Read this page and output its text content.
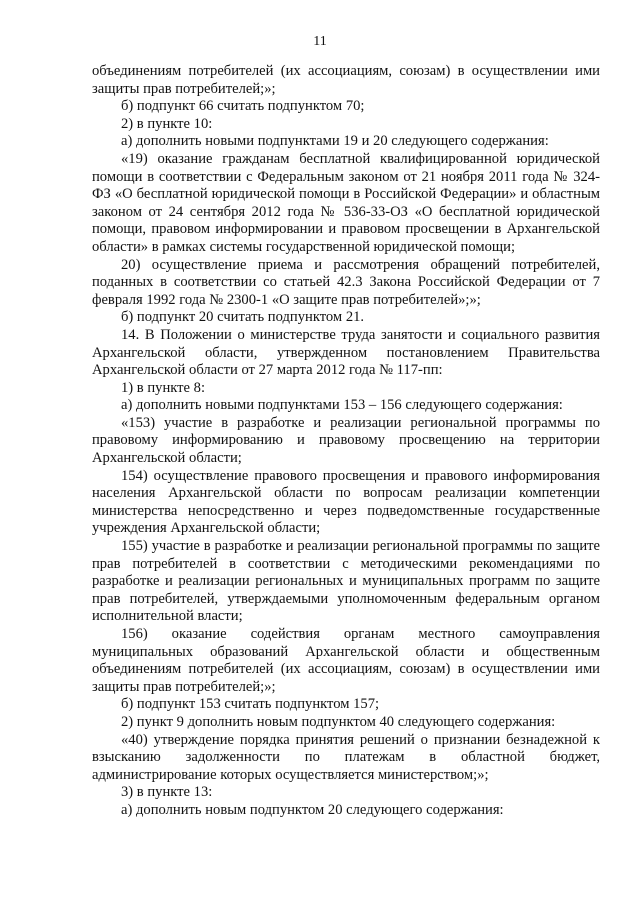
11

объединениям потребителей (их ассоциациям, союзам) в осуществлении ими защиты прав потребителей;»;

б) подпункт 66 считать подпунктом 70;

2) в пункте 10:

а) дополнить новыми подпунктами 19 и 20 следующего содержания:

«19) оказание гражданам бесплатной квалифицированной юридической помощи в соответствии с Федеральным законом от 21 ноября 2011 года № 324-ФЗ «О бесплатной юридической помощи в Российской Федерации» и областным законом от 24 сентября 2012 года № 536-33-ОЗ «О бесплатной юридической помощи, правовом информировании и правовом просвещении в Архангельской области» в рамках системы государственной юридической помощи;

20) осуществление приема и рассмотрения обращений потребителей, поданных в соответствии со статьей 42.3 Закона Российской Федерации от 7 февраля 1992 года № 2300-1 «О защите прав потребителей»;»;

б) подпункт 20 считать подпунктом 21.

14. В Положении о министерстве труда занятости и социального развития Архангельской области, утвержденном постановлением Правительства Архангельской области от 27 марта 2012 года № 117-пп:

1) в пункте 8:

а) дополнить новыми подпунктами 153 – 156 следующего содержания:

«153) участие в разработке и реализации региональной программы по правовому информированию и правовому просвещению на территории Архангельской области;

154) осуществление правового просвещения и правового информирования населения Архангельской области по вопросам реализации компетенции министерства непосредственно и через подведомственные государственные учреждения Архангельской области;

155) участие в разработке и реализации региональной программы по защите прав потребителей в соответствии с методическими рекомендациями по разработке и реализации региональных и муниципальных программ по защите прав потребителей, утверждаемыми уполномоченным федеральным органом исполнительной власти;

156) оказание содействия органам местного самоуправления муниципальных образований Архангельской области и общественным объединениям потребителей (их ассоциациям, союзам) в осуществлении ими защиты прав потребителей;»;

б) подпункт 153 считать подпунктом 157;

2) пункт 9 дополнить новым подпунктом 40 следующего содержания:

«40) утверждение порядка принятия решений о признании безнадежной к взысканию задолженности по платежам в областной бюджет, администрирование которых осуществляется министерством;»;

3) в пункте 13:

а) дополнить новым подпунктом 20 следующего содержания:
